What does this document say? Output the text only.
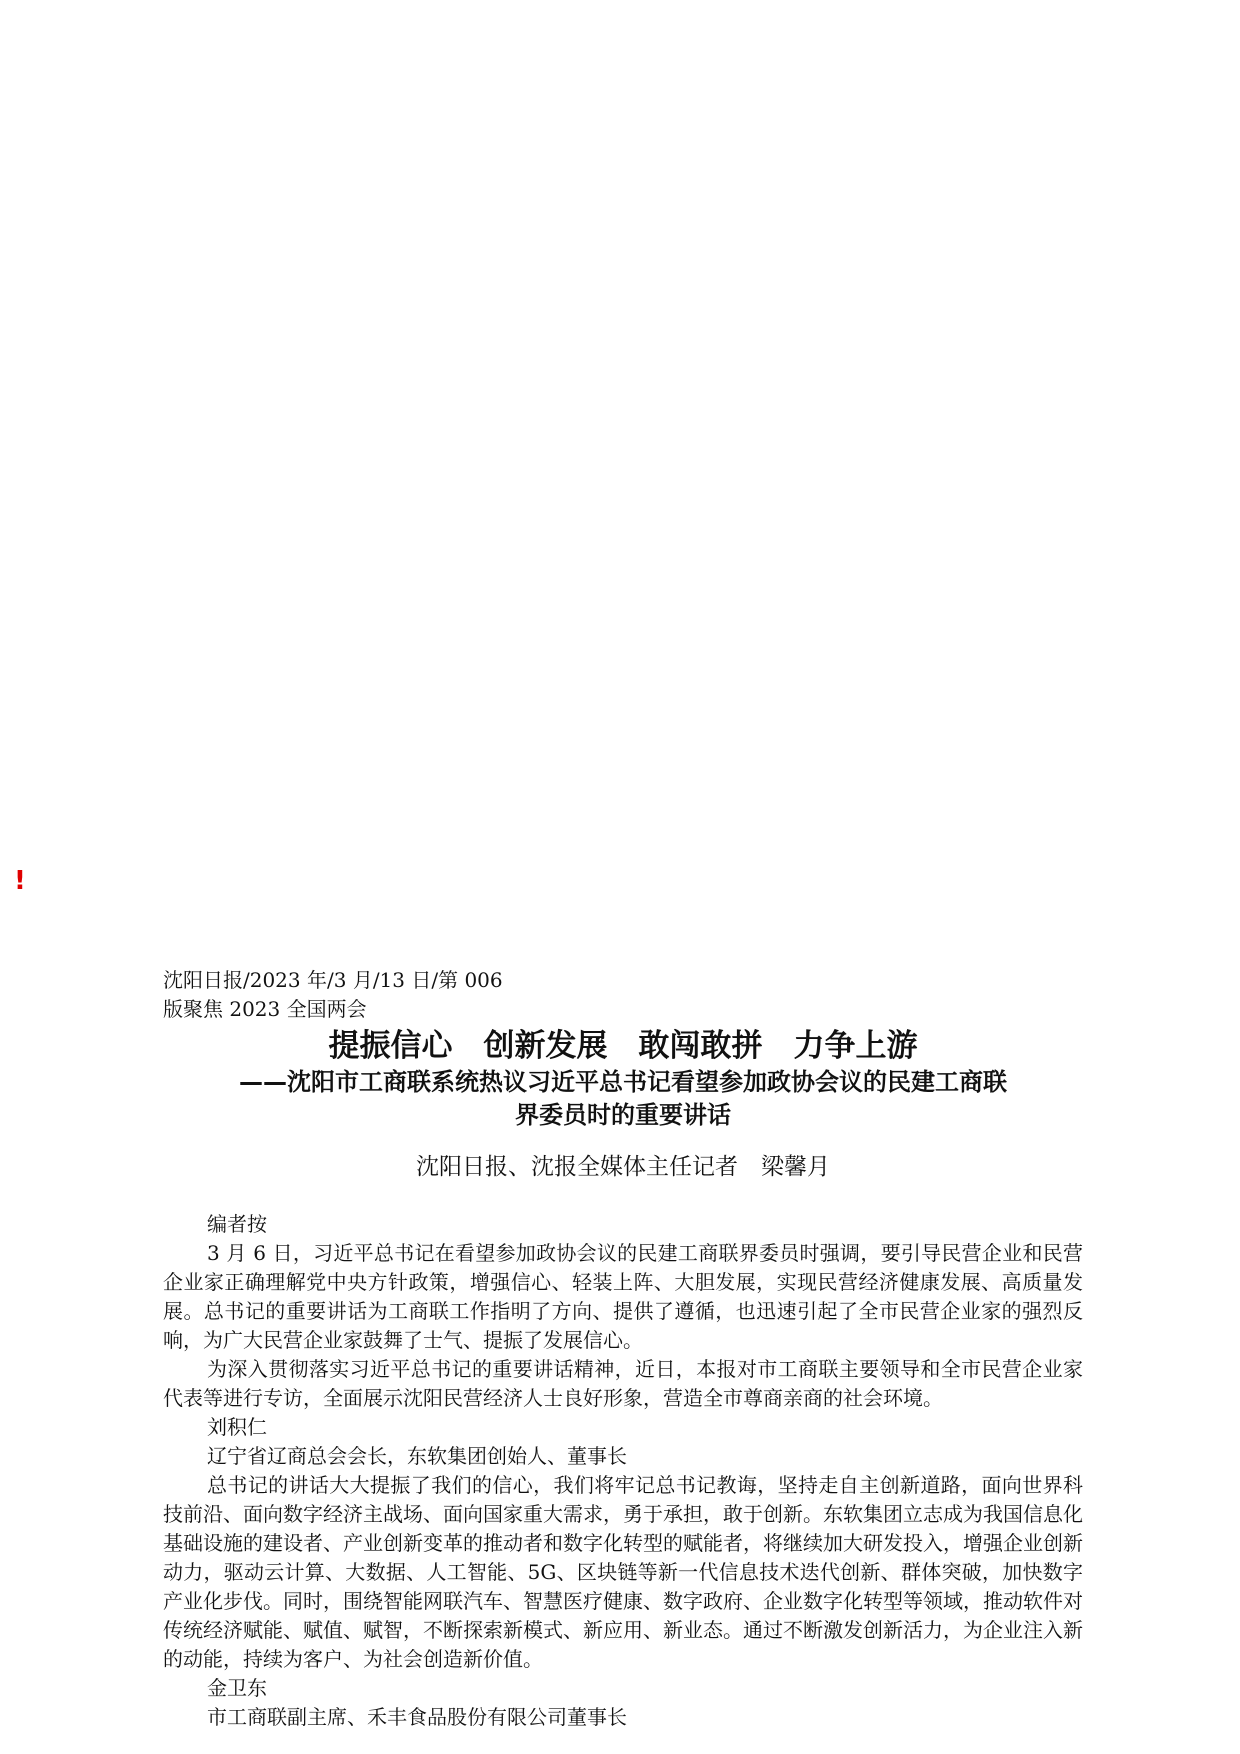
!

沈阳日报/2023 年/3 月/13 日/第 006

版聚焦 2023 全国两会

提振信心　创新发展　敢闯敢拼　力争上游
——沈阳市工商联系统热议习近平总书记看望参加政协会议的民建工商联
界委员时的重要讲话
沈阳日报、沈报全媒体主任记者　梁馨月

编者按

3 月 6 日，习近平总书记在看望参加政协会议的民建工商联界委员时强调，要引导民营企业和民营企业家正确理解党中央方针政策，增强信心、轻装上阵、大胆发展，实现民营经济健康发展、高质量发展。总书记的重要讲话为工商联工作指明了方向、提供了遵循，也迅速引起了全市民营企业家的强烈反响，为广大民营企业家鼓舞了士气、提振了发展信心。

为深入贯彻落实习近平总书记的重要讲话精神，近日，本报对市工商联主要领导和全市民营企业家代表等进行专访，全面展示沈阳民营经济人士良好形象，营造全市尊商亲商的社会环境。

刘积仁

辽宁省辽商总会会长，东软集团创始人、董事长

总书记的讲话大大提振了我们的信心，我们将牢记总书记教诲，坚持走自主创新道路，面向世界科技前沿、面向数字经济主战场、面向国家重大需求，勇于承担，敢于创新。东软集团立志成为我国信息化基础设施的建设者、产业创新变革的推动者和数字化转型的赋能者，将继续加大研发投入，增强企业创新动力，驱动云计算、大数据、人工智能、5G、区块链等新一代信息技术迭代创新、群体突破，加快数字产业化步伐。同时，围绕智能网联汽车、智慧医疗健康、数字政府、企业数字化转型等领域，推动软件对传统经济赋能、赋值、赋智，不断探索新模式、新应用、新业态。通过不断激发创新活力，为企业注入新的动能，持续为客户、为社会创造新价值。

金卫东

市工商联副主席、禾丰食品股份有限公司董事长
